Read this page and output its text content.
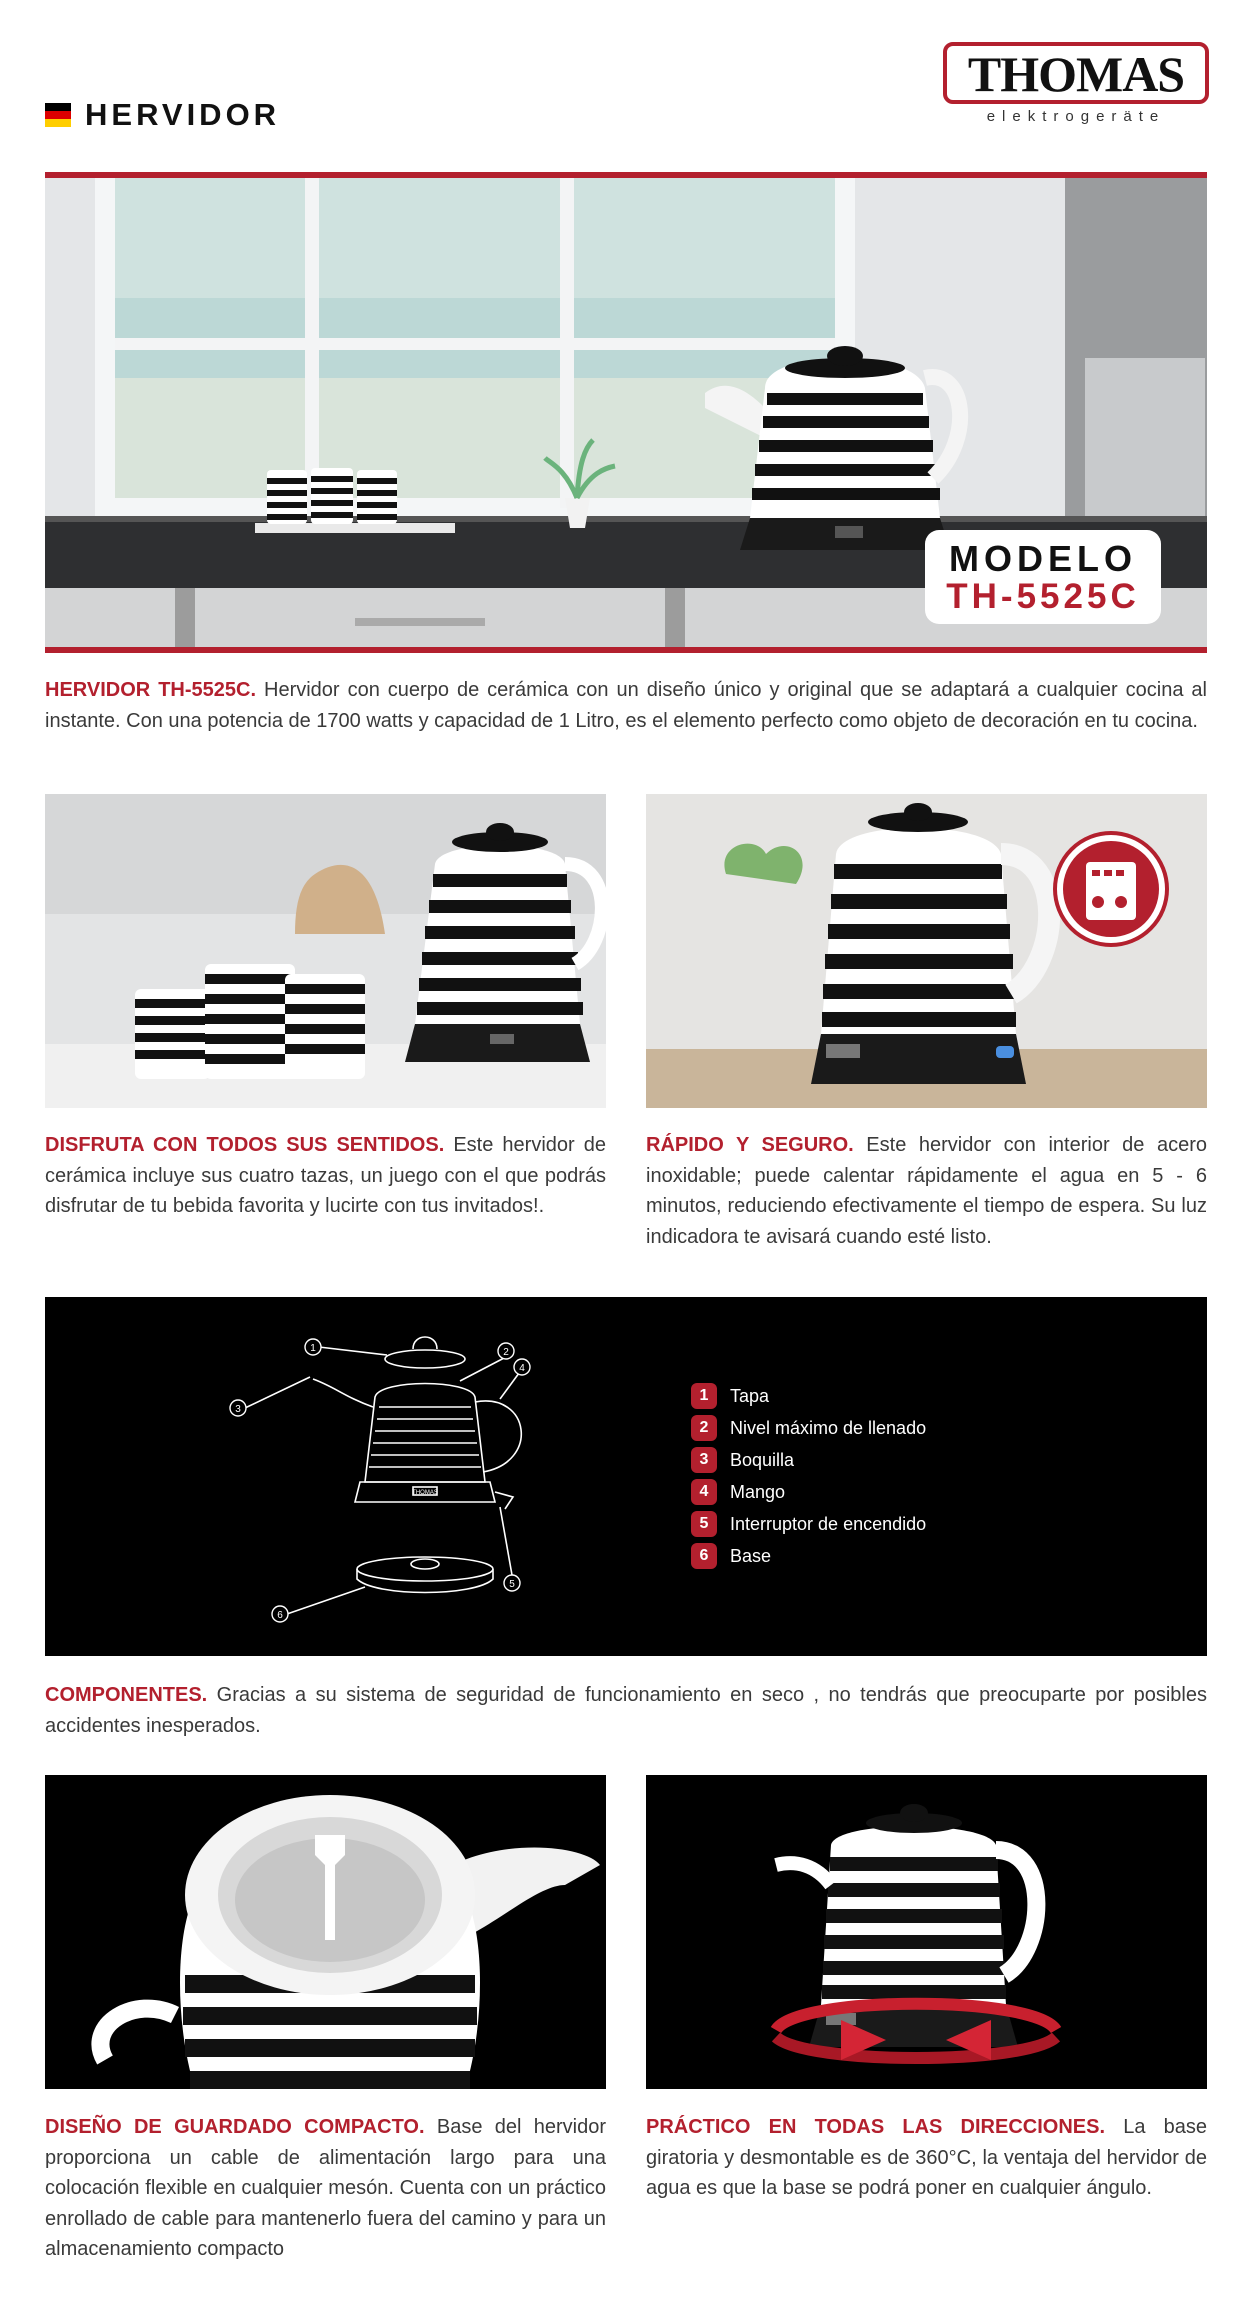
HERVIDOR
THOMAS
elektrogeräte
MODELO
TH-5525C
HERVIDOR TH-5525C. Hervidor con cuerpo de cerámica con un diseño único y original que se adaptará a cualquier cocina al instante. Con una potencia de 1700 watts y capacidad de 1 Litro, es el elemento perfecto como objeto de decoración en tu cocina.
DISFRUTA CON TODOS SUS SENTIDOS. Este hervidor de cerámica incluye sus cuatro tazas, un juego con el que podrás disfrutar de tu bebida favorita y lucirte con tus invitados!.
RÁPIDO Y SEGURO. Este hervidor con interior de acero inoxidable; puede calentar rápidamente el agua en 5 - 6 minutos, reduciendo efectivamente el tiempo de espera. Su luz indicadora te avisará cuando esté listo.
1	2
3
4
5
6
THOMAS
1	Tapa
2	Nivel máximo de llenado
3	Boquilla
4	Mango
5	Interruptor de encendido
6	Base
COMPONENTES. Gracias a su sistema de seguridad de funcionamiento en seco , no tendrás que preocuparte por posibles accidentes inesperados.
DISEÑO DE GUARDADO COMPACTO. Base del hervidor proporciona un cable de alimentación largo para una colocación flexible en cualquier mesón. Cuenta con un práctico enrollado de cable para mantenerlo fuera del camino y para un almacenamiento compacto
PRÁCTICO EN TODAS LAS DIRECCIONES. La base giratoria y desmontable es de 360°C, la ventaja del hervidor de agua es que la base se podrá poner en cualquier ángulo.
